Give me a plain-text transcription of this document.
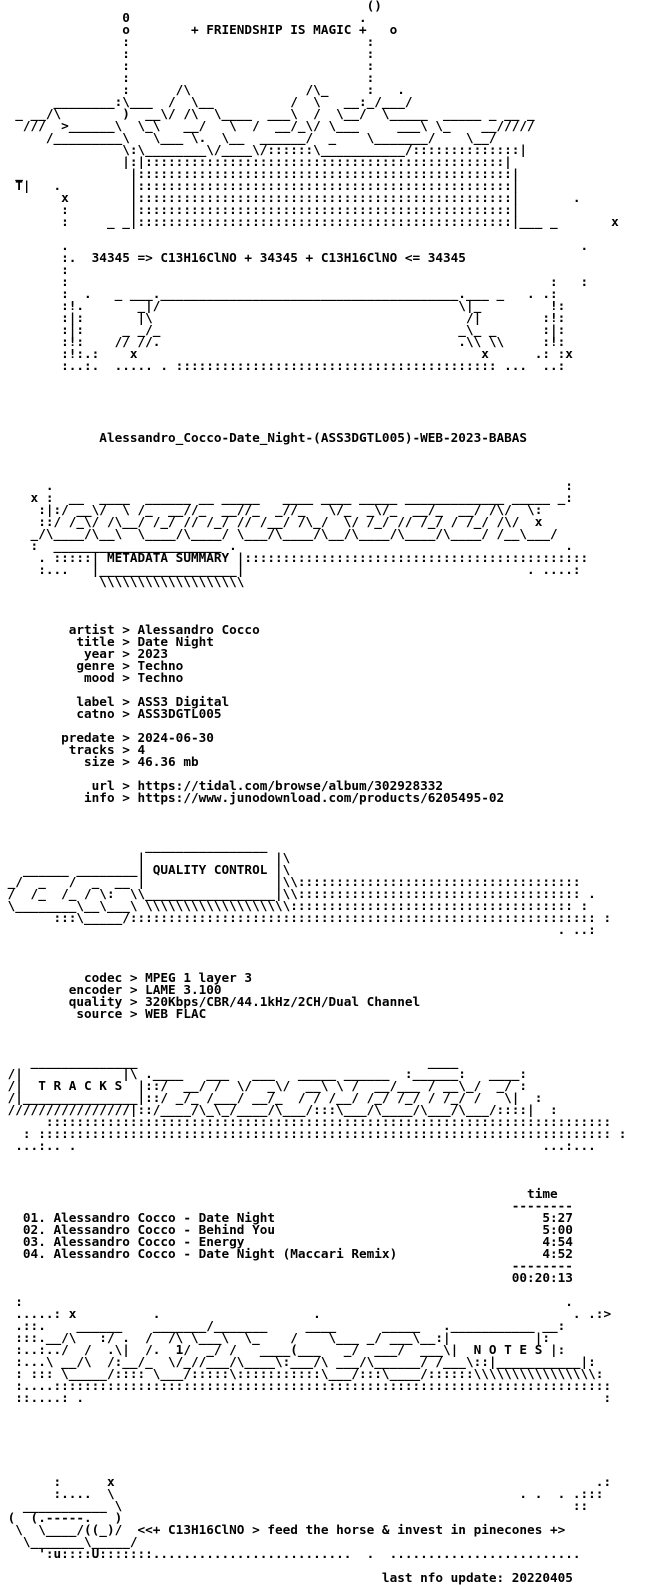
()
0                              .
o        + FRIENDSHIP IS MAGIC +   o
:                               :
:                               :
:                               :
:                               :
:      /\               /\_     :   .
________:\___  /  \__          /  \   __:_/___/
_ __/\        )  __\/ /\  \____  ___\  /  \__/  \_____  _____ _ __ _
///  >______\  \_\   __/   \  /  __/_\/ \___     ___\ \_    __/////
/_________\   \___ \.  \__  ______/  _    \_______/    \__/
\:\________\/____\/::::::\___________/::::::::::::::|
|:|:::::::::::::::::::::::::::::::::::::::::::::::|
_              |:::::::::::::::::::::::::::::::::::::::::::::::::|
T|   .         |:::::::::::::::::::::::::::::::::::::::::::::::::|
x        |:::::::::::::::::::::::::::::::::::::::::::::::::|       .
:        |:::::::::::::::::::::::::::::::::::::::::::::::::|
:     _ _|:::::::::::::::::::::::::::::::::::::::::::::::::|___ _       x

.                                                                   .
:.  34345 => C13H16ClNO + 34345 + C13H16ClNO <= 34345
:
:                                                               :   :
:  .   _ ___._______________________________________.___ _   . .:
:!.       _|/                                       \|_         !:
:|:       |\                                         /|        :!:
:|:     _ _/_                                       _\_ _      :|:
:!:    // //.                                       .\\ \\     :!:
:!:.:    x                                             x      .: :x
:..:.  ..... . :::::::::::::::::::::::::::::::::::::::::: ...  ..:

Alessandro_Cocco-Date_Night-(ASS3DGTL005)-WEB-2023-BABAS

.                                                                   :
x :  __  ____  ______ __ _____   ____ ____ _____ _____________ _____ _:
:|:/ __\/  \ /_  __//_  __//_  _//_   \/_  _\/_  __/_  __/ /\/  \:
::/ /_\/ /\__/ /_/ // /_/ // /__/ /\_/  \/ /_/ // /_/ / /_/ /\/  x
_/\____/\__\  \____/\____/ \___/\____/\__/\____/\____/\____/ /__\___/
:  ______________________ .                                           .
. :::::| METADATA SUMMARY |:::::::::::::::::::::::::::::::::::::::::::::
:...   |__________________|                                     . ....:
\\\\\\\\\\\\\\\\\\\

artist > Alessandro Cocco
title > Date Night
year > 2023
genre > Techno
mood > Techno

label > ASS3 Digital
catno > ASS3DGTL005

predate > 2024-06-30
tracks > 4
size > 46.36 mb

url > https://tidal.com/browse/album/302928332
info > https://www.junodownload.com/products/6205495-02

________________
|                 |\
______ ________| QUALITY CONTROL |\
_/  _   /  _  __ |                 |\\:::::::::::::::::::::::::::::::::::::
/  /_  /_ / \:  \\_________________|\\::::::::::::::::::::::::::::::::::::: .
\________\__\___\ \\\\\\\\\\\\\\\\\\\::::::::::::::::::::::::::::::::::::: :
:::\_____/::::::::::::::::::::::::::::::::::::::::::::::::::::::::::::: :
. ..:

codec > MPEG 1 layer 3
encoder > LAME 3.100
quality > 320Kbps/CBR/44.1kHz/2CH/Dual Channel
source > WEB FLAC

______________                                      ____
/|             |\ .____   ___   ___   _____ ______  :______:   ____:
/|  T R A C K S  |::/  __/ /  \/  _\/  __\ \ /  __/___ / __\_/  _/ :
/|_______________|::/ _/_ /___/ __/_  / / /__/ /_/ /_/ / /_/ /   \|  :
////////////////|::/____/\_\_/____/\___/:::\___/\____/\___/\___/::::|  :
::::::::::::::::::::::::::::::::::::::::::::::::::::::::::::::::::::::::::
: ::::::::::::::::::::::::::::::::::::::::::::::::::::::::::::::::::::::::::: :
...:.. .                                                             ...:...

time
--------
01. Alessandro Cocco - Date Night                                   5:27
02. Alessandro Cocco - Behind You                                   5:00
03. Alessandro Cocco - Energy                                       4:54
04. Alessandro Cocco - Date Night (Maccari Remix)                   4:52
--------
00:20:13

:                                                                       .
.....: x          .                    .                                 . .:>
.::.    ______    _______/_______     ____      _____   .___________ __:
:::.__/\   :/ .  /  /\ \___\  \_    /    \___ _/ ___\__:|           |:
:..:../  /  .\|  /.  1/  _/ /   ____(___   _/  ___/  ___\|  N O T E S |:
:...\ __/\  /:__/_  \/_//___/\____\:___/\ ___/\______/ /___\::|___________|:
: ::: \_____/:::: \___/:::::\:::::::::::\___/:::\____/::::::\\\\\\\\\\\\\\\\:
:....:::::::::::::::::::::::::::::::::::::::::::::::::::::::::::::::::::::::::
::....: .                                                                    :

:      x                                                               .:
:....  \                                                     . .  . .:::
___________ \                                                           ::
(  (.-----.   )
\  \____/((_)/  <<+ C13H16ClNO > feed the horse & invest in pinecones +>
\_______\_____/
':u::::U:::::::..........................  .  .........................

last nfo update: 20220405
